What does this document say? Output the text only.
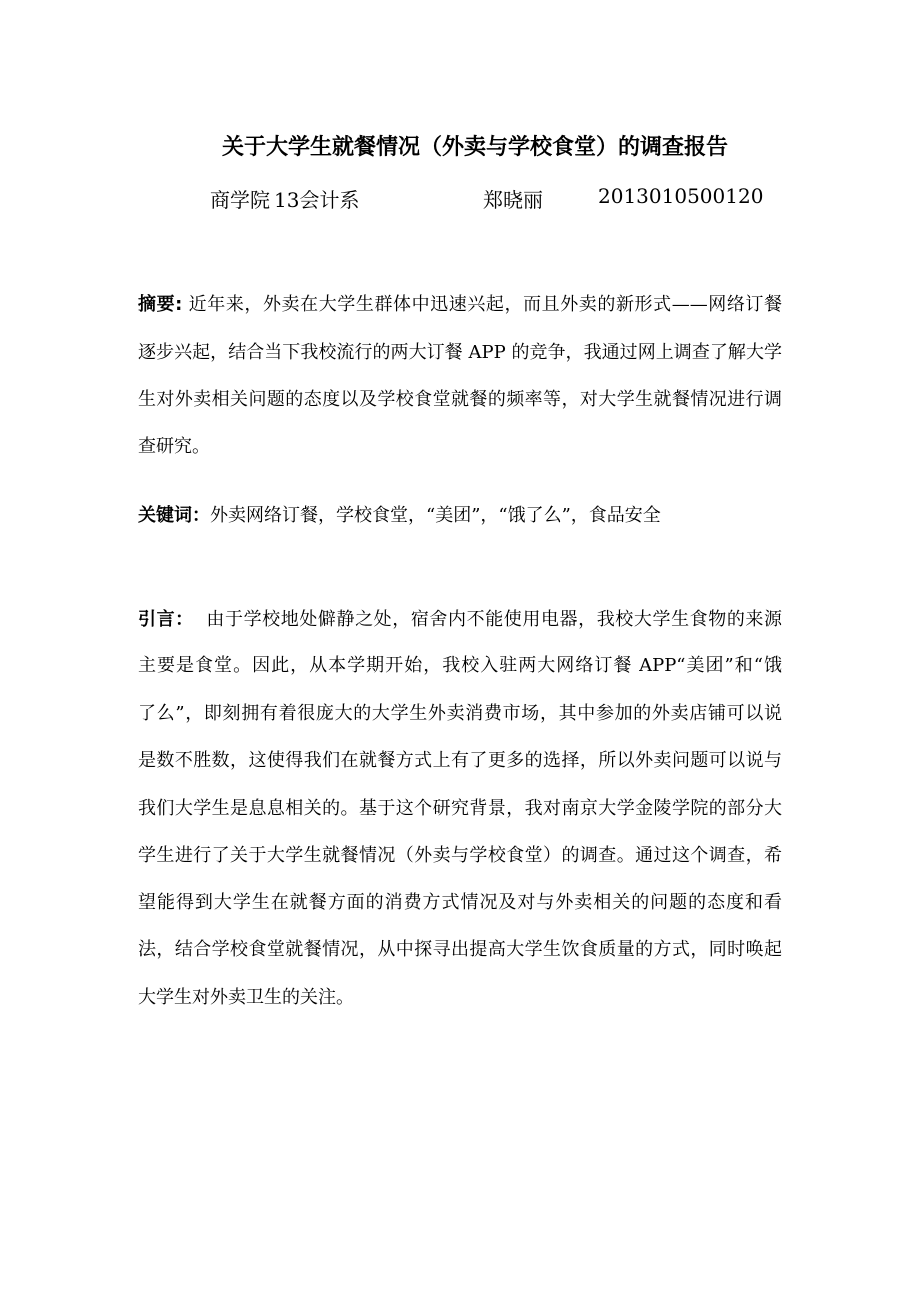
关于大学生就餐情况（外卖与学校食堂）的调查报告
商学院 13会计系	郑晓丽	2013010500120
摘要: 近年来，外卖在大学生群体中迅速兴起，而且外卖的新形式——网络订餐
逐步兴起，结合当下我校流行的两大订餐 APP 的竞争，我通过网上调查了解大学
生对外卖相关问题的态度以及学校食堂就餐的频率等，对大学生就餐情况进行调
查研究。
关键词：外卖网络订餐，学校食堂，“美团”，“饿了么”，食品安全
引言： 由于学校地处僻静之处，宿舍内不能使用电器，我校大学生食物的来源
主要是食堂。因此，从本学期开始，我校入驻两大网络订餐 APP“美团”和“饿
了么”，即刻拥有着很庞大的大学生外卖消费市场，其中参加的外卖店铺可以说
是数不胜数，这使得我们在就餐方式上有了更多的选择，所以外卖问题可以说与
我们大学生是息息相关的。基于这个研究背景，我对南京大学金陵学院的部分大
学生进行了关于大学生就餐情况（外卖与学校食堂）的调查。通过这个调查，希
望能得到大学生在就餐方面的消费方式情况及对与外卖相关的问题的态度和看
法，结合学校食堂就餐情况，从中探寻出提高大学生饮食质量的方式，同时唤起
大学生对外卖卫生的关注。
